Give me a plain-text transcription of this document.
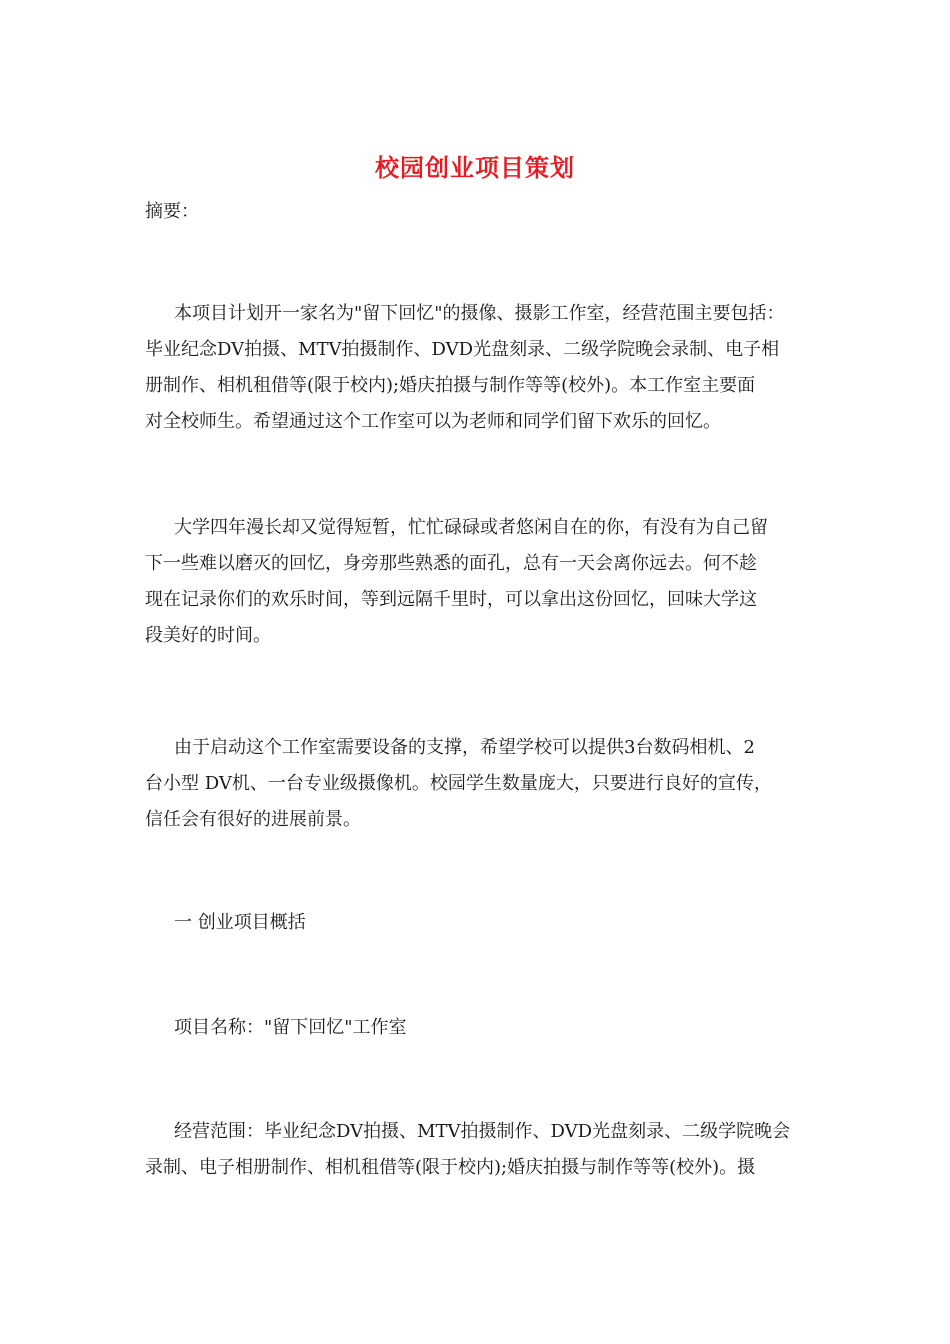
校园创业项目策划
摘要：
本项目计划开一家名为"留下回忆"的摄像、摄影工作室，经营范围主要包括：
毕业纪念DV拍摄、MTV拍摄制作、DVD光盘刻录、二级学院晚会录制、电子相
册制作、相机租借等(限于校内);婚庆拍摄与制作等等(校外)。本工作室主要面
对全校师生。希望通过这个工作室可以为老师和同学们留下欢乐的回忆。
大学四年漫长却又觉得短暂，忙忙碌碌或者悠闲自在的你，有没有为自己留
下一些难以磨灭的回忆，身旁那些熟悉的面孔，总有一天会离你远去。何不趁
现在记录你们的欢乐时间，等到远隔千里时，可以拿出这份回忆，回味大学这
段美好的时间。
由于启动这个工作室需要设备的支撑，希望学校可以提供3台数码相机、2
台小型 DV机、一台专业级摄像机。校园学生数量庞大，只要进行良好的宣传，
信任会有很好的进展前景。
一 创业项目概括
项目名称："留下回忆"工作室
经营范围：毕业纪念DV拍摄、MTV拍摄制作、DVD光盘刻录、二级学院晚会
录制、电子相册制作、相机租借等(限于校内);婚庆拍摄与制作等等(校外)。摄
